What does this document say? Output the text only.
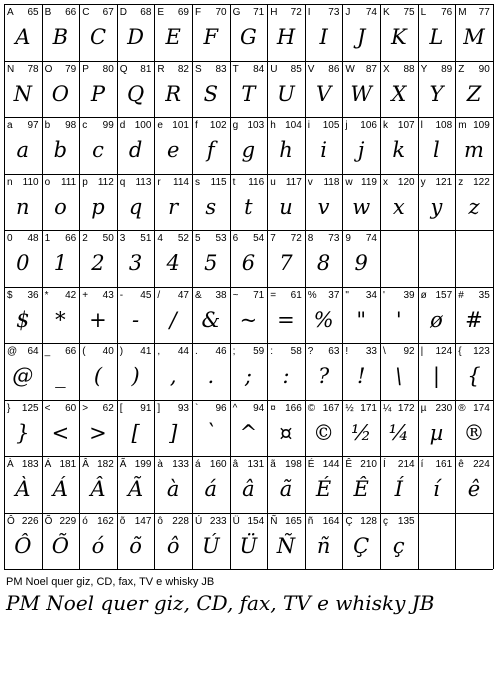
A 65
A
B 66
B
C 67
C
D 68
D
E 69
E
F 70
F
G 71
G
H 72
H
I 73
I
J 74
J
K 75
K
L 76
L
M 77
M
N 78
N
O 79
O
P 80
P
Q 81
Q
R 82
R
S 83
S
T 84
T
U 85
U
V 86
V
W 87
W
X 88
X
Y 89
Y
Z 90
Z
a 97
a
b 98
b
c 99
c
d 100
d
e 101
e
f 102
f
g 103
g
h 104
h
i 105
i
j 106
j
k 107
k
l 108
l
m 109
m
n 110
n
o 111
o
p 112
p
q 113
q
r 114
r
s 115
s
t 116
t
u 117
u
v 118
v
w 119
w
x 120
x
y 121
y
z 122
z
0 48
0
1 66
1
2 50
2
3 51
3
4 52
4
5 53
5
6 54
6
7 72
7
8 73
8
9 74
9
$ 36
$
* 42
*
+ 43
+
- 45
-
/ 47
/
& 38
&
~ 71
~
= 61
=
% 37
%
" 34
"
' 39
'
ø 157
ø
# 35
#
@ 64
@
_ 66
_
( 40
(
) 41
)
, 44
,
. 46
.
; 59
;
: 58
:
? 63
?
! 33
!
\ 92
\
| 124
|
{ 123
{
} 125
}
< 60
<
> 62
>
[ 91
[
] 93
]
` 96
`
^ 94
^
¤ 166
¤
© 167
©
½ 171
½
¼ 172
¼
µ 230
µ
® 174
®
À 183
À
Á 181
Á
Â 182
Â
Ã 199
Ã
à 133
à
á 160
á
â 131
â
ã 198
ã
É 144
É
Ê 210
Ê
Í 214
Í
í 161
í
ê 224
ê
Ô 226
Ô
Õ 229
Õ
ó 162
ó
õ 147
õ
ô 228
ô
Ú 233
Ú
Ü 154
Ü
Ñ 165
Ñ
ñ 164
ñ
Ç 128
Ç
ç 135
ç
PM Noel quer giz, CD, fax, TV e whisky JB
PM Noel quer giz, CD, fax, TV e whisky JB
